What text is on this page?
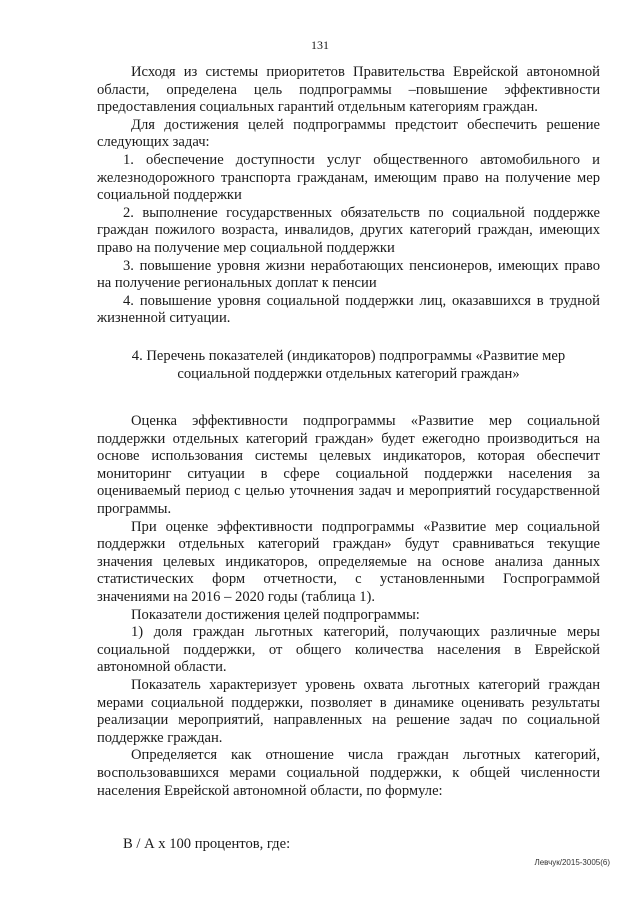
131

Исходя из системы приоритетов Правительства Еврейской автономной области, определена цель подпрограммы –повышение эффективности предоставления социальных гарантий отдельным категориям граждан.

Для достижения целей подпрограммы предстоит обеспечить решение следующих задач:

1. обеспечение доступности услуг общественного автомобильного и железнодорожного транспорта гражданам, имеющим право на получение мер социальной поддержки

2. выполнение государственных обязательств по социальной поддержке граждан пожилого возраста, инвалидов, других категорий граждан, имеющих право на получение мер социальной поддержки

3. повышение уровня жизни неработающих пенсионеров, имеющих право на получение региональных доплат к пенсии

4. повышение уровня социальной поддержки лиц, оказавшихся в трудной жизненной ситуации.

4. Перечень показателей (индикаторов) подпрограммы «Развитие мер социальной поддержки отдельных категорий граждан»

Оценка эффективности подпрограммы «Развитие мер социальной поддержки отдельных категорий граждан» будет ежегодно производиться на основе использования системы целевых индикаторов, которая обеспечит мониторинг ситуации в сфере социальной поддержки населения за оцениваемый период с целью уточнения задач и мероприятий государственной программы.

При оценке эффективности подпрограммы «Развитие мер социальной поддержки отдельных категорий граждан» будут сравниваться текущие значения целевых индикаторов, определяемые на основе анализа данных статистических форм отчетности, с установленными Госпрограммой значениями на 2016 – 2020 годы (таблица 1).

Показатели достижения целей подпрограммы:

1) доля граждан льготных категорий, получающих различные меры социальной поддержки, от общего количества населения в Еврейской автономной области.

Показатель характеризует уровень охвата льготных категорий граждан мерами социальной поддержки, позволяет в динамике оценивать результаты реализации мероприятий, направленных на решение задач по социальной поддержке граждан.

Определяется как отношение числа граждан льготных категорий, воспользовавшихся мерами социальной поддержки, к общей численности населения Еврейской автономной области, по формуле:

В / А х 100 процентов, где:

Левчук/2015-3005(6)
